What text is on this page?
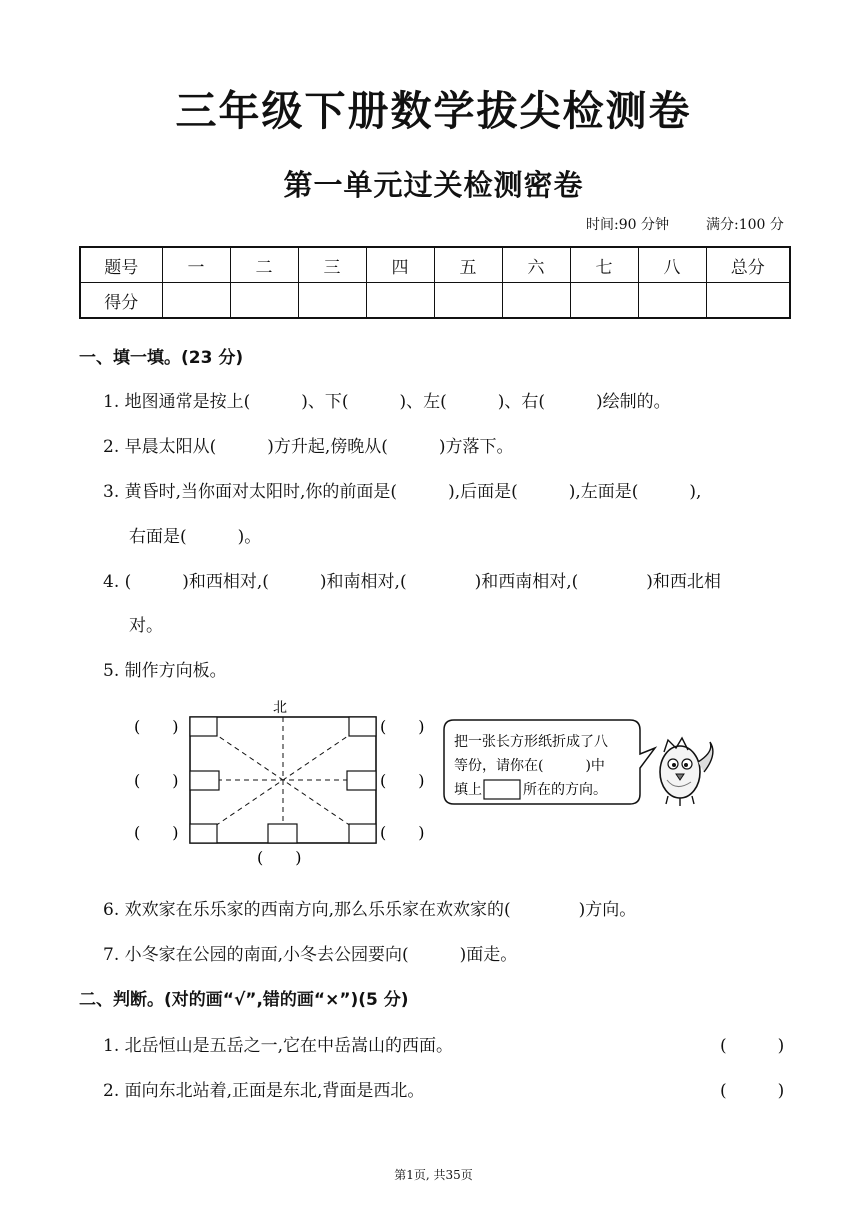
三年级下册数学拔尖检测卷
第一单元过关检测密卷
时间:90 分钟	满分:100 分
题号	一	二	三	四	五	六	七	八	总分
得分									
一、填一填。(23 分)
1. 地图通常是按上(　　　)、下(　　　)、左(　　　)、右(　　　)绘制的。
2. 早晨太阳从(　　　)方升起,傍晚从(　　　)方落下。
3. 黄昏时,当你面对太阳时,你的前面是(　　　),后面是(　　　),左面是(　　　),
右面是(　　　)。
4. (　　　)和西相对,(　　　)和南相对,(　　　　)和西南相对,(　　　　)和西北相
对。
5. 制作方向板。
北
(　　)
(　　)
(　　)
(　　)
(　　)
(　　)
(　　)
把一张长方形纸折成了八
等份，请你在(　　　)中
填上	所在的方向。
6. 欢欢家在乐乐家的西南方向,那么乐乐家在欢欢家的(　　　　)方向。
7. 小冬家在公园的南面,小冬去公园要向(　　　)面走。
二、判断。(对的画“√”,错的画“×”)(5 分)
1. 北岳恒山是五岳之一,它在中岳嵩山的西面。	(　　　)
2. 面向东北站着,正面是东北,背面是西北。	(　　　)
第1页, 共35页
